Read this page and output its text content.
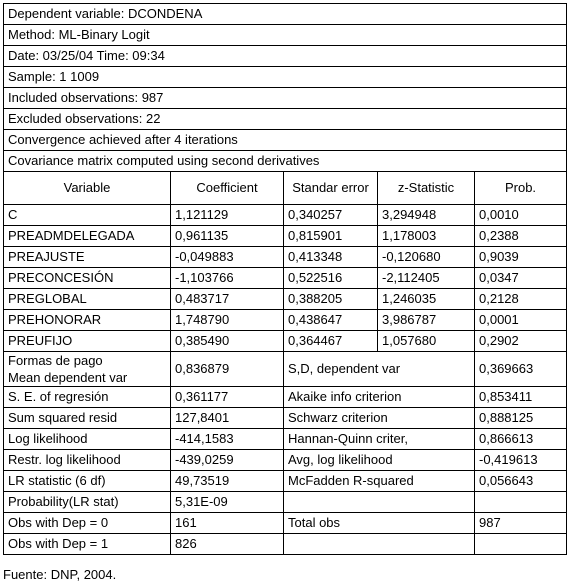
Dependent variable: DCONDENA				
Method: ML-Binary Logit				
Date: 03/25/04 Time: 09:34				
Sample: 1 1009				
Included observations: 987				
Excluded observations: 22				
Convergence achieved after 4 iterations				
Covariance matrix computed using second derivatives				
Variable	Coefficient	Standar error	z-Statistic	Prob.
C	1,121129	0,340257	3,294948	0,0010
PREADMDELEGADA	0,961135	0,815901	1,178003	0,2388
PREAJUSTE	-0,049883	0,413348	-0,120680	0,9039
PRECONCESIÓN	-1,103766	0,522516	-2,112405	0,0347
PREGLOBAL	0,483717	0,388205	1,246035	0,2128
PREHONORAR	1,748790	0,438647	3,986787	0,0001
PREUFIJO	0,385490	0,364467	1,057680	0,2902
Formas de pago
Mean dependent var	0,836879	S,D, dependent var		0,369663
S. E. of regresión	0,361177	Akaike info criterion		0,853411
Sum squared resid	127,8401	Schwarz criterion		0,888125
Log likelihood	-414,1583	Hannan-Quinn criter,		0,866613
Restr. log likelihood	-439,0259	Avg, log likelihood		-0,419613
LR statistic (6 df)	49,73519	McFadden R-squared		0,056643
Probability(LR stat)	5,31E-09			
Obs with Dep = 0	161	Total obs		987
Obs with Dep = 1	826			
Fuente: DNP, 2004.
